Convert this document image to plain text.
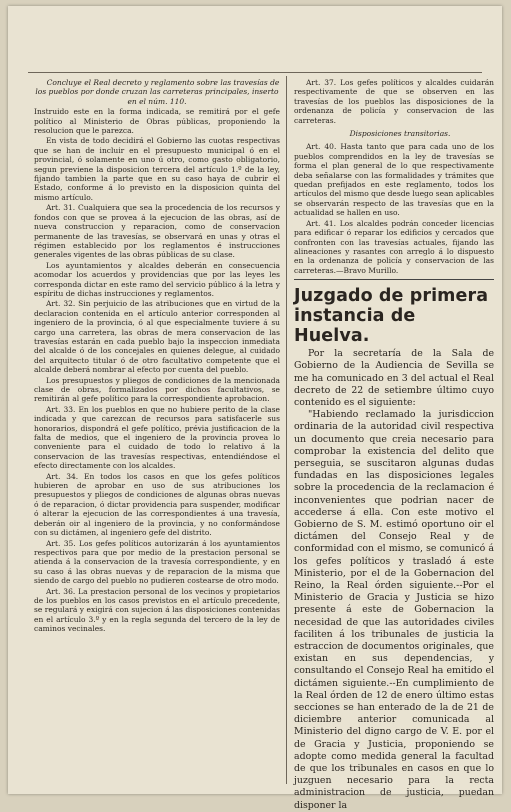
Concluye el Real decreto y reglamento sobre las travesías de los pueblos por donde cruzan las carreteras principales, inserto en el núm. 110.

Instruido este en la forma indicada, se remitirá por el gefe político al Ministerio de Obras públicas, proponiendo la resolucion que le parezca.

En vista de todo decidirá el Gobierno las cuotas respectivas que se han de incluir en el presupuesto municipal ó en el provincial, ó solamente en uno ú otro, como gasto obligatorio, segun previene la disposicion tercera del artículo 1.º de la ley, fijando tambien la parte que en su caso haya de cubrir el Estado, conforme á lo previsto en la disposicion quinta del mismo artículo.

Art. 31. Cualquiera que sea la procedencia de los recursos y fondos con que se provea á la ejecucion de las obras, así de nueva construccion y reparacion, como de conservacion permanente de las travesías, se observará en unas y otras el régimen establecido por los reglamentos é instrucciones generales vigentes de las obras públicas de su clase.

Los ayuntamientos y alcaldes deberán en consecuencia acomodar los acuerdos y providencias que por las leyes les corresponda dictar en este ramo del servicio público á la letra y espíritu de dichas instrucciones y reglamentos.

Art. 32. Sin perjuicio de las atribuciones que en virtud de la declaracion contenida en el artículo anterior corresponden al ingeniero de la provincia, ó al que especialmente tuviere á su cargo una carretera, las obras de mera conservacion de las travesías estarán en cada pueblo bajo la inspeccion inmediata del alcalde ó de los concejales en quienes delegue, al cuidado del arquitecto titular ó de otro facultativo competente que el alcalde deberá nombrar al efecto por cuenta del pueblo.

Los presupuestos y pliegos de condiciones de la mencionada clase de obras, formalizados por dichos facultativos, se remitirán al gefe político para la correspondiente aprobacion.

Art. 33. En los pueblos en que no hubiere perito de la clase indicada y que carezcan de recursos para satisfacerle sus honorarios, dispondrá el gefe político, prévia justificacion de la falta de medios, que el ingeniero de la provincia provea lo conveniente para el cuidado de todo lo relativo á la conservacion de las travesías respectivas, entendiéndose el efecto directamente con los alcaldes.

Art. 34. En todos los casos en que los gefes políticos hubieren de aprobar en uso de sus atribuciones los presupuestos y pliegos de condiciones de algunas obras nuevas ó de reparacion, ó dictar providencia para suspender, modificar ó alterar la ejecucion de las correspondientes á una travesía, deberán oir al ingeniero de la provincia, y no conformándose con su dictámen, al ingeniero gefe del distrito.

Art. 35. Los gefes políticos autorizarán á los ayuntamientos respectivos para que por medio de la prestacion personal se atienda á la conservacion de la travesía correspondiente, y en su caso á las obras nuevas y de reparacion de la misma que siendo de cargo del pueblo no pudieren costearse de otro modo.

Art. 36. La prestacion personal de los vecinos y propietarios de los pueblos en los casos previstos en el artículo precedente, se regulará y exigirá con sujecion á las disposiciones contenidas en el artículo 3.º y en la regla segunda del tercero de la ley de caminos vecinales.

Art. 37. Los gefes políticos y alcaldes cuidarán respectivamente de que se observen en las travesías de los pueblos las disposiciones de la ordenanza de policía y conservacion de las carreteras.

Disposiciones transitorias.

Art. 40. Hasta tanto que para cada uno de los pueblos comprendidos en la ley de travesías se forma el plan general de lo que respectivamente deba señalarse con las formalidades y trámites que quedan prefijados en este reglamento, todos los artículos del mismo que desde luego sean aplicables se observarán respecto de las travesías que en la actualidad se hallen en uso.

Art. 41. Los alcaldes podrán conceder licencias para edificar ó reparar los edificios y cercados que confronten con las travesías actuales, fijando las alineaciones y rasantes con arreglo á lo dispuesto en la ordenanza de policía y conservacion de las carreteras.—Bravo Murillo.

Juzgado de primera instancia de Huelva.

Por la secretaría de la Sala de Gobierno de la Audiencia de Sevilla se me ha comunicado en 3 del actual el Real decreto de 22 de setiembre último cuyo contenido es el siguiente:

"Habiendo reclamado la jurisdiccion ordinaria de la autoridad civil respectiva un documento que creia necesario para comprobar la existencia del delito que perseguia, se suscitaron algunas dudas fundadas en las disposiciones legales sobre la procedencia de la reclamacion é inconvenientes que podrian nacer de accederse á ella. Con este motivo el Gobierno de S. M. estimó oportuno oir el dictámen del Consejo Real y de conformidad con el mismo, se comunicó á los gefes políticos y trasladó á este Ministerio, por el de la Gobernacion del Reino, la Real órden siguiente.--Por el Ministerio de Gracia y Justicia se hizo presente á este de Gobernacion la necesidad de que las autoridades civiles faciliten á los tribunales de justicia la estraccion de documentos originales, que existan en sus dependencias, y consultando el Consejo Real ha emitido el dictámen siguiente.--En cumplimiento de la Real órden de 12 de enero último estas secciones se han enterado de la de 21 de diciembre anterior comunicada al Ministerio del digno cargo de V. E. por el de Gracia y Justicia, proponiendo se adopte como medida general la facultad de que los tribunales en casos en que lo juzguen necesario para la recta administracion de justicia, puedan disponer la
